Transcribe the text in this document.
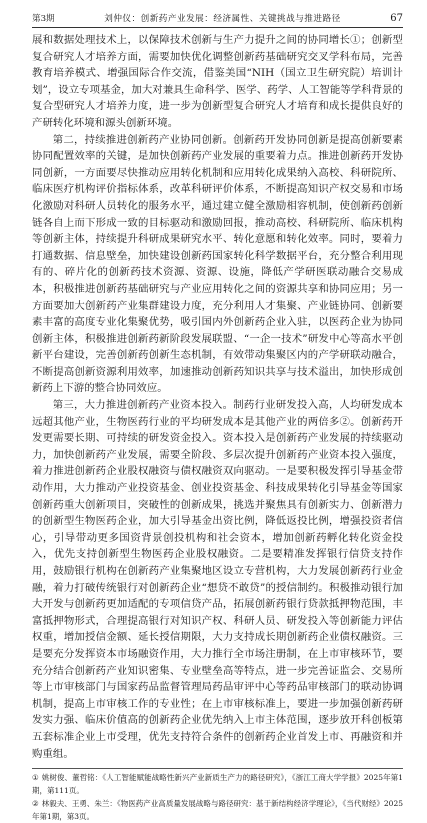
第3期	刘仲仪：创新药产业发展：经济属性、关键挑战与推进路径	67

展和数据处理技术上，以保障技术创新与生产力提升之间的协同增长①；创新型复合研究人才培养方面，需要加快优化调整创新药基础研究交叉学科布局，完善教育培养模式、增强国际合作交流，借鉴美国“NIH（国立卫生研究院）培训计划”，设立专项基金，加大对兼具生命科学、医学、药学、人工智能等学科背景的复合型研究人才培养力度，进一步为创新型复合研究人才培育和成长提供良好的产研转化环境和源头创新环境。

第二，持续推进创新药产业协同创新。创新药开发协同创新是提高创新要素协同配置效率的关键，是加快创新药产业发展的重要着力点。推进创新药开发协同创新，一方面要尽快推动应用转化机制和应用转化成果纳入高校、科研院所、临床医疗机构评价指标体系，改革科研评价体系，不断提高知识产权交易和市场化激励对科研人员转化的服务水平，通过建立健全激励相容机制，使创新药创新链各自上而下形成一致的目标驱动和激励回报，推动高校、科研院所、临床机构等创新主体，持续提升科研成果研究水平、转化意愿和转化效率。同时，要着力打通数据、信息壁垒，加快建设创新药国家转化科学数据平台，充分整合利用现有的、碎片化的创新药技术资源、资源、设施，降低产学研医联动融合交易成本，积极推进创新药基础研究与产业应用转化之间的资源共享和协同应用；另一方面要加大创新药产业集群建设力度，充分利用人才集聚、产业链协同、创新要素丰富的高度专业化集聚优势，吸引国内外创新药企业入驻，以医药企业为协同创新主体，积极推进创新药新阶段发展联盟、“一企一技术”研发中心等高水平创新平台建设，完善创新药创新生态机制，有效带动集聚区内的产学研联动融合，不断提高创新资源利用效率，加速推动创新药知识共享与技术溢出，加快形成创新药上下游的整合协同效应。

第三，大力推进创新药产业资本投入。制药行业研发投入高，人均研发成本远超其他产业，生物医药行业的平均研发成本是其他产业的两倍多②。创新药开发更需要长期、可持续的研发资金投入。资本投入是创新药产业发展的持续驱动力，加快创新药产业发展，需要全阶段、多层次提升创新药产业资本投入强度，着力推进创新药企业股权融资与债权融资双向驱动。一是要积极发挥引导基金带动作用，大力推动产业投资基金、创业投资基金、科技成果转化引导基金等国家创新药重大创新项目，突破性的创新成果，挑选并聚焦具有创新实力、创新潜力的创新型生物医药企业，加大引导基金出资比例，降低返投比例，增强投资者信心，引导带动更多国资背景创投机构和社会资本，增加创新药孵化转化资金投入，优先支持创新型生物医药企业股权融资。二是要精准发挥银行信贷支持作用，鼓励银行机构在创新药产业集聚地区设立专营机构，大力发展创新药行业金融，着力打破传统银行对创新药企业“想贷不敢贷”的授信制约。积极推动银行加大开发与创新药更加适配的专项信贷产品，拓展创新药银行贷款抵押物范围，丰富抵押物形式，合理提高银行对知识产权、科研人员、研发投入等创新能力评估权重，增加授信金额、延长授信期限，大力支持成长期创新药企业债权融资。三是要充分发挥资本市场融资作用，大力推行全市场注册制，在上市审核环节，要充分结合创新药产业知识密集、专业壁垒高等特点，进一步完善证监会、交易所等上市审核部门与国家药品监督管理局药品审评中心等药品审核部门的联动协调机制，提高上市审核工作的专业性；在上市审核标准上，要进一步加强创新药研发实力强、临床价值高的创新药企业优先纳入上市主体范围，逐步放开科创板第五套标准企业上市受理，优先支持符合条件的创新药企业首发上市、再融资和并购重组。

① 姚树俊、董哲铭：《人工智能赋能战略性新兴产业新质生产力的路径研究》，《浙江工商大学学报》2025年第1期，第111页。

② 林毅夫、王勇、朱兰：《物医药产业高质量发展战略与路径研究：基于新结构经济学理论》，《当代财经》2025年第1期，第3页。
